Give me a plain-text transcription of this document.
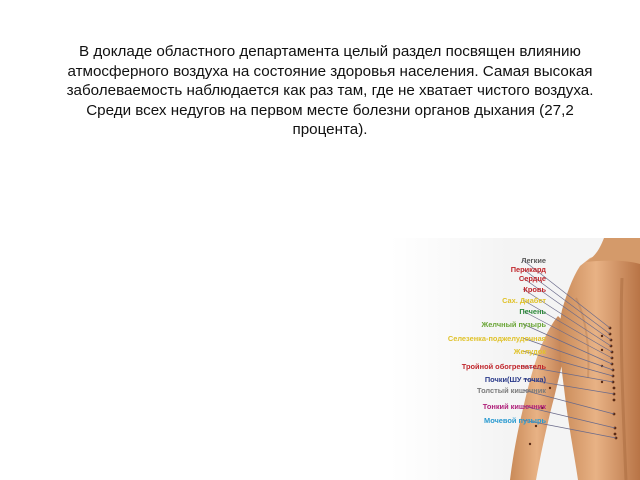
В докладе областного департамента целый раздел посвящен влиянию атмосферного воздуха на состояние здоровья населения. Самая высокая заболеваемость наблюдается как раз там, где не хватает чистого воздуха. Среди всех недугов на первом месте болезни органов дыхания (27,2 процента).

Легкие
Перикард
Сердце
Кровь
Сах. Диабет
Печень
Желчный пузырь
Селезенка-поджелудочная
Желудок
Тройной обогреватель
Почки(ШУ точка)
Толстый кишечник
Тонкий кишечник
Мочевой пузырь
